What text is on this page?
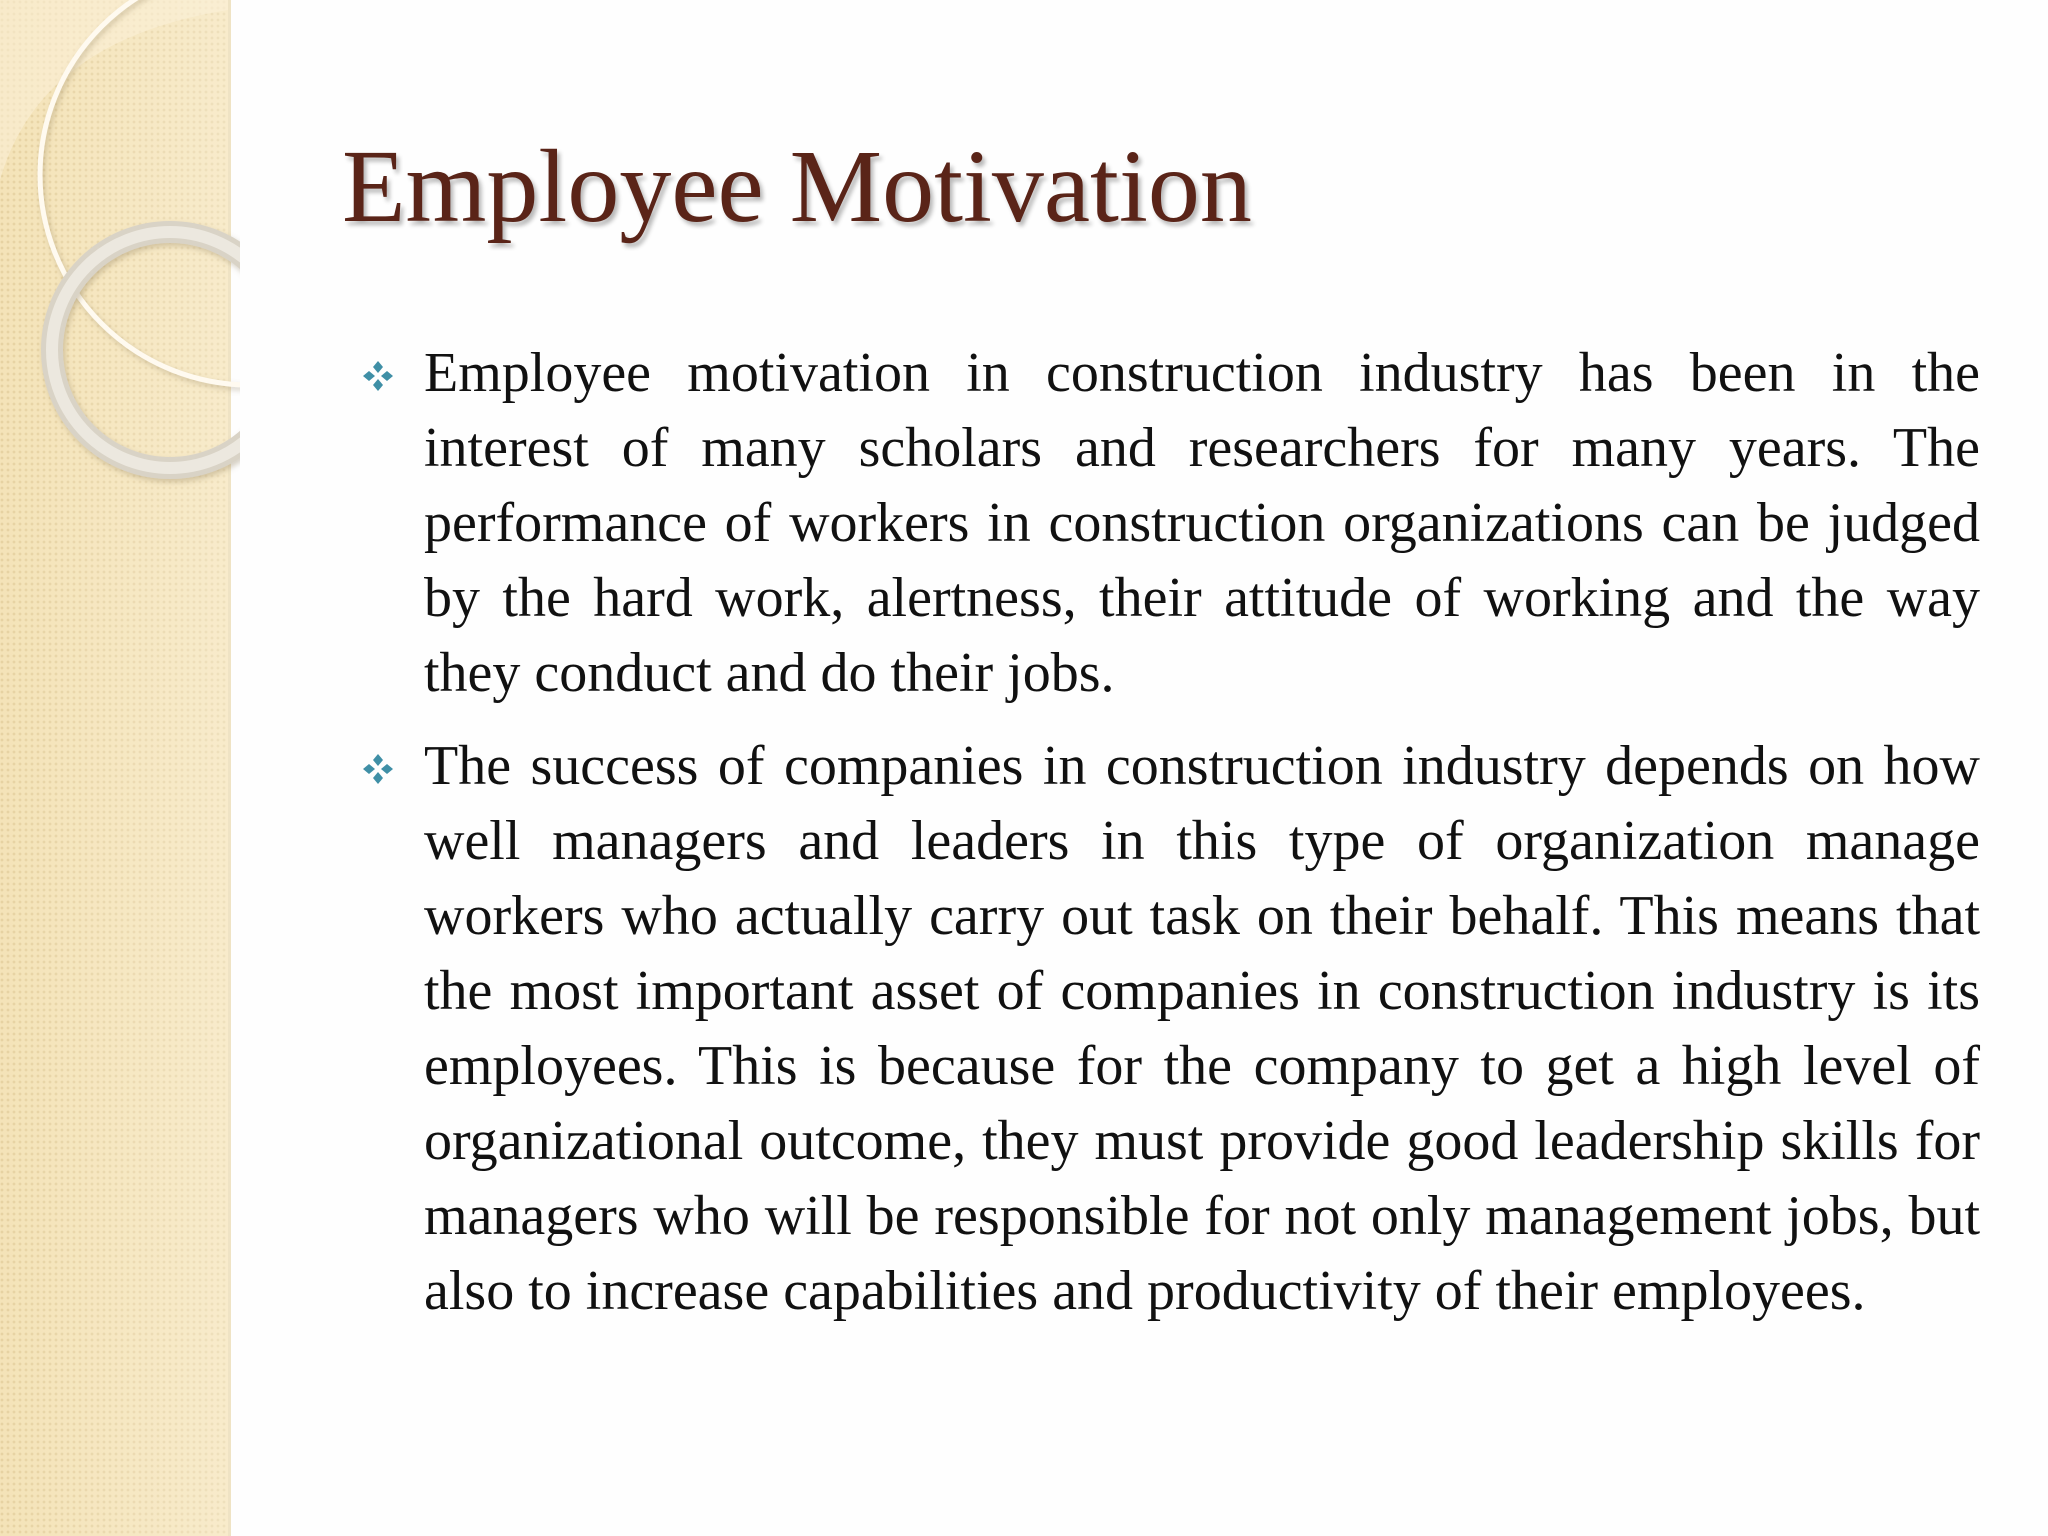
Employee Motivation
Employee motivation in construction industry has been in the interest of many scholars and researchers for many years. The performance of workers in construction organizations can be judged by the hard work, alertness, their attitude of working and the way they conduct and do their jobs.
The success of companies in construction industry depends on how well managers and leaders in this type of organization manage workers who actually carry out task on their behalf. This means that the most important asset of companies in construction industry is its employees. This is because for the company to get a high level of organizational outcome, they must provide good leadership skills for managers who will be responsible for not only management jobs, but also to increase capabilities and productivity of their employees.
